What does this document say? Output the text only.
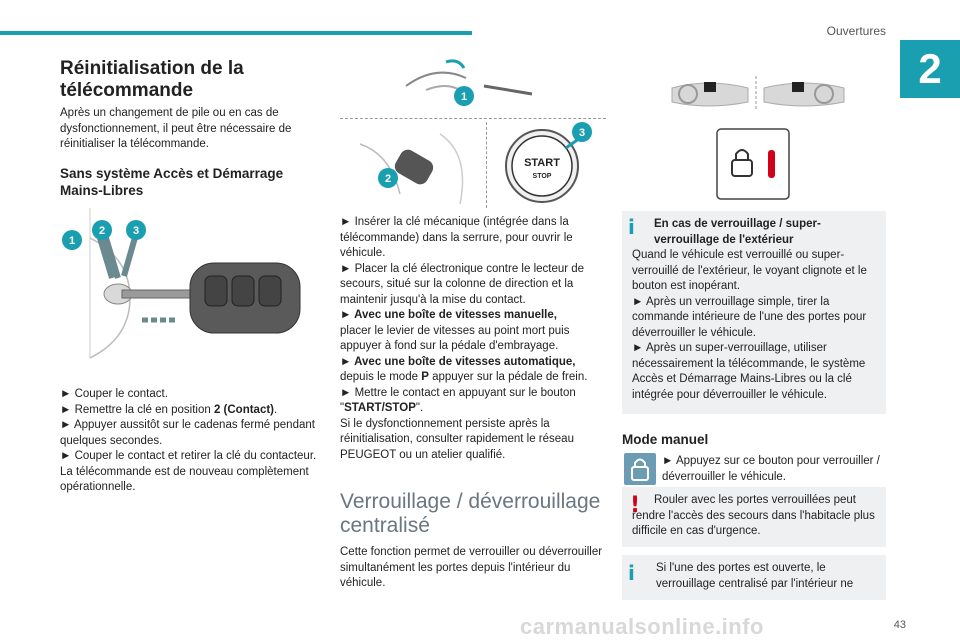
Ouvertures
2
Réinitialisation de la télécommande
Après un changement de pile ou en cas de dysfonctionnement, il peut être nécessaire de réinitialiser la télécommande.
Sans système Accès et Démarrage Mains-Libres
1
2	3

► Couper le contact.

► Remettre la clé en position 2 (Contact).

► Appuyer aussitôt sur le cadenas fermé pendant quelques secondes.

► Couper le contact et retirer la clé du contacteur.

La télécommande est de nouveau complètement opérationnelle.

1
2
START
STOP
3

► Insérer la clé mécanique (intégrée dans la télécommande) dans la serrure, pour ouvrir le véhicule.

► Placer la clé électronique contre le lecteur de secours, situé sur la colonne de direction et la maintenir jusqu'à la mise du contact.

► Avec une boîte de vitesses manuelle,

placer le levier de vitesses au point mort puis appuyer à fond sur la pédale d'embrayage.

► Avec une boîte de vitesses automatique,

depuis le mode P appuyer sur la pédale de frein.

► Mettre le contact en appuyant sur le bouton "START/STOP".

Si le dysfonctionnement persiste après la réinitialisation, consulter rapidement le réseau PEUGEOT ou un atelier qualifié.

Verrouillage / déverrouillage centralisé
Cette fonction permet de verrouiller ou déverrouiller simultanément les portes depuis l'intérieur du véhicule.
i	En cas de verrouillage / super-verrouillage de l'extérieur

Quand le véhicule est verrouillé ou super-verrouillé de l'extérieur, le voyant clignote et le bouton est inopérant.

► Après un verrouillage simple, tirer la commande intérieure de l'une des portes pour déverrouiller le véhicule.

► Après un super-verrouillage, utiliser nécessairement la télécommande, le système Accès et Démarrage Mains-Libres ou la clé intégrée pour déverrouiller le véhicule.

Mode manuel
► Appuyez sur ce bouton pour verrouiller / déverrouiller le véhicule.
!	Rouler avec les portes verrouillées peut rendre l'accès des secours dans l'habitacle plus difficile en cas d'urgence.
i Si l'une des portes est ouverte, le verrouillage centralisé par l'intérieur ne
carmanualsonline.info	43
